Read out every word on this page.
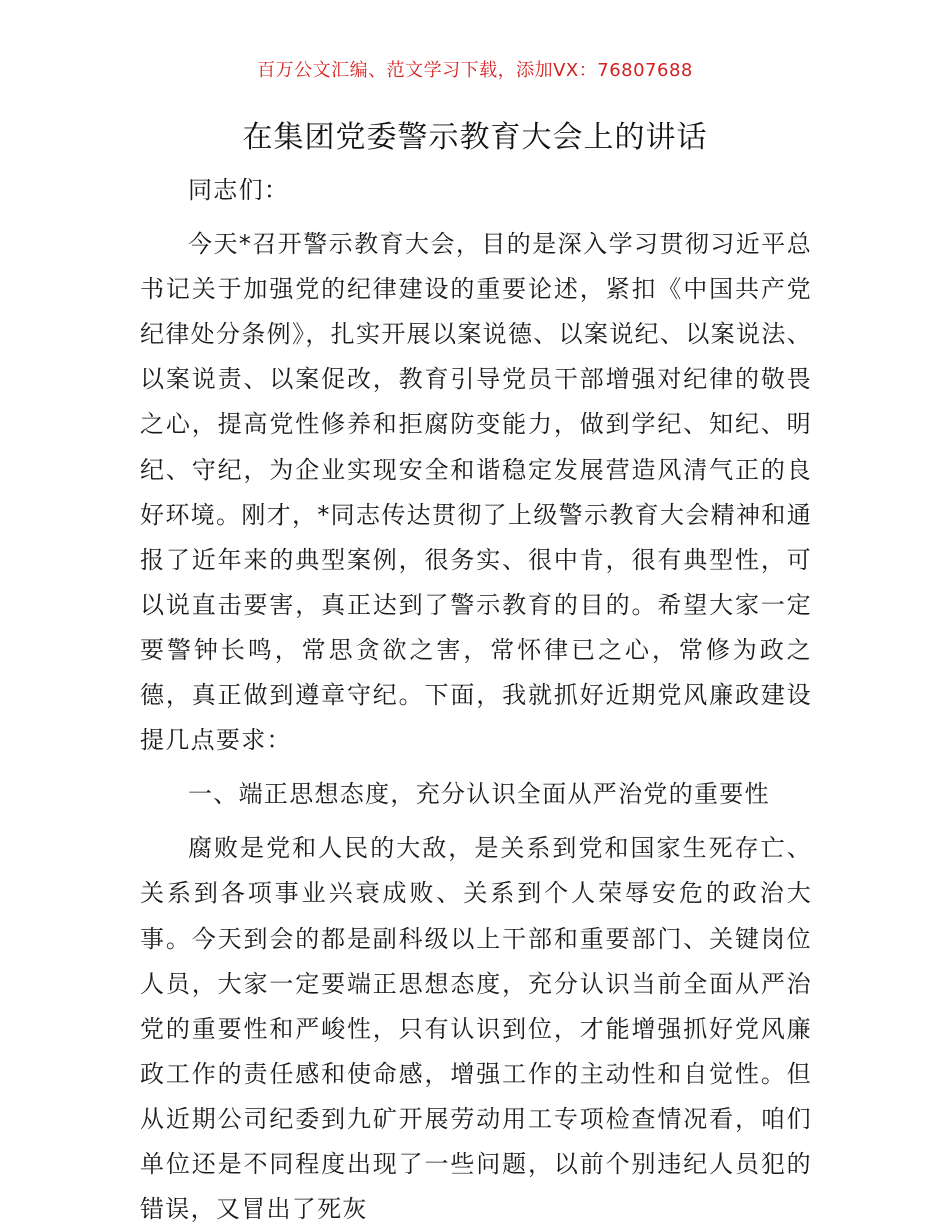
百万公文汇编、范文学习下载，添加VX：76807688
在集团党委警示教育大会上的讲话

同志们：

今天*召开警示教育大会，目的是深入学习贯彻习近平总书记关于加强党的纪律建设的重要论述，紧扣《中国共产党纪律处分条例》，扎实开展以案说德、以案说纪、以案说法、以案说责、以案促改，教育引导党员干部增强对纪律的敬畏之心，提高党性修养和拒腐防变能力，做到学纪、知纪、明纪、守纪，为企业实现安全和谐稳定发展营造风清气正的良好环境。刚才，*同志传达贯彻了上级警示教育大会精神和通报了近年来的典型案例，很务实、很中肯，很有典型性，可以说直击要害，真正达到了警示教育的目的。希望大家一定要警钟长鸣，常思贪欲之害，常怀律已之心，常修为政之德，真正做到遵章守纪。下面，我就抓好近期党风廉政建设提几点要求：

一、端正思想态度，充分认识全面从严治党的重要性

腐败是党和人民的大敌，是关系到党和国家生死存亡、关系到各项事业兴衰成败、关系到个人荣辱安危的政治大事。今天到会的都是副科级以上干部和重要部门、关键岗位人员，大家一定要端正思想态度，充分认识当前全面从严治党的重要性和严峻性，只有认识到位，才能增强抓好党风廉政工作的责任感和使命感，增强工作的主动性和自觉性。但从近期公司纪委到九矿开展劳动用工专项检查情况看，咱们单位还是不同程度出现了一些问题，以前个别违纪人员犯的错误，又冒出了死灰
